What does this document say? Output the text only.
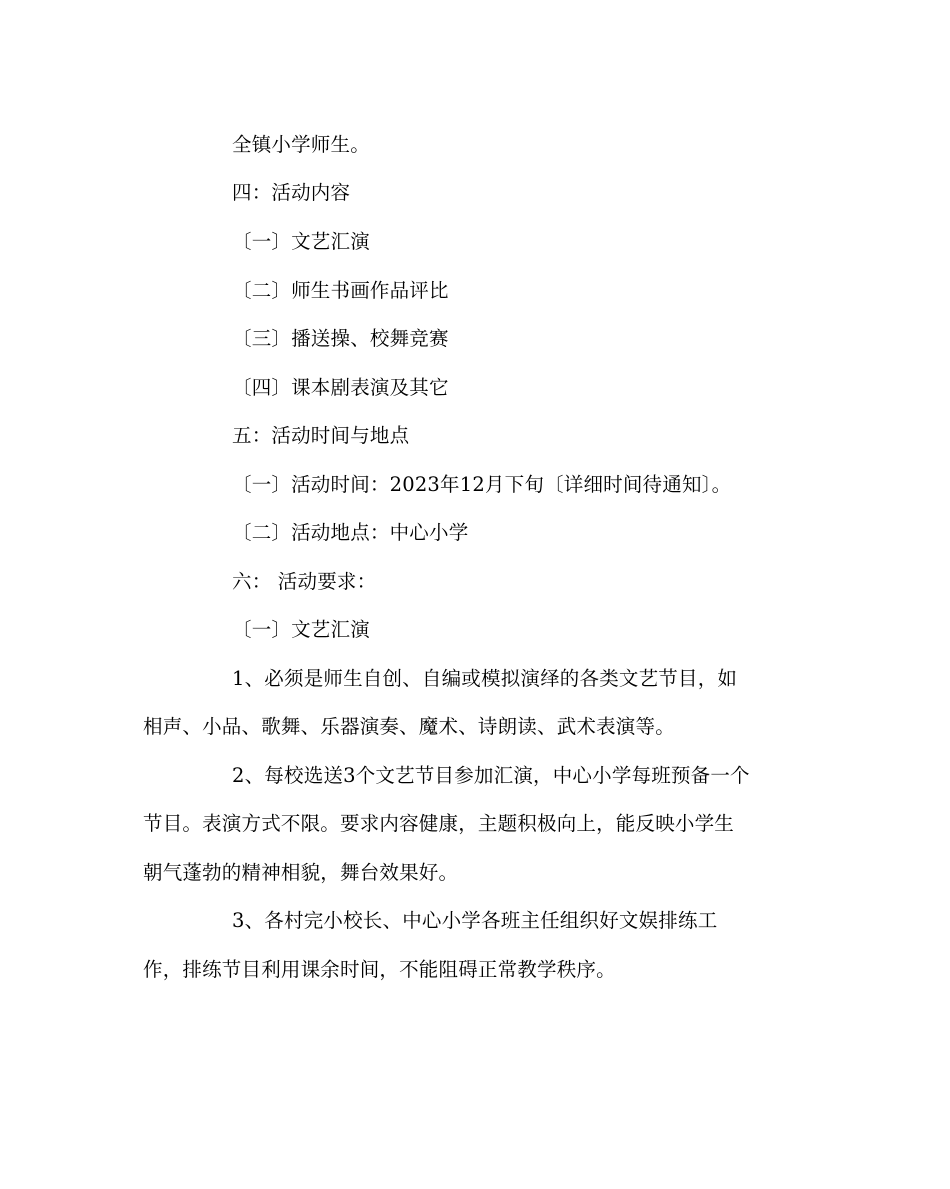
全镇小学师生。
四：活动内容
〔一〕文艺汇演
〔二〕师生书画作品评比
〔三〕播送操、校舞竞赛
〔四〕课本剧表演及其它
五：活动时间与地点
〔一〕活动时间：2023年12月下旬〔详细时间待通知〕。
〔二〕活动地点：中心小学
六： 活动要求：
〔一〕文艺汇演
1、必须是师生自创、自编或模拟演绎的各类文艺节目，如
相声、小品、歌舞、乐器演奏、魔术、诗朗读、武术表演等。
2、每校选送3个文艺节目参加汇演，中心小学每班预备一个
节目。表演方式不限。要求内容健康，主题积极向上，能反映小学生
朝气蓬勃的精神相貌，舞台效果好。
3、各村完小校长、中心小学各班主任组织好文娱排练工
作，排练节目利用课余时间，不能阻碍正常教学秩序。
